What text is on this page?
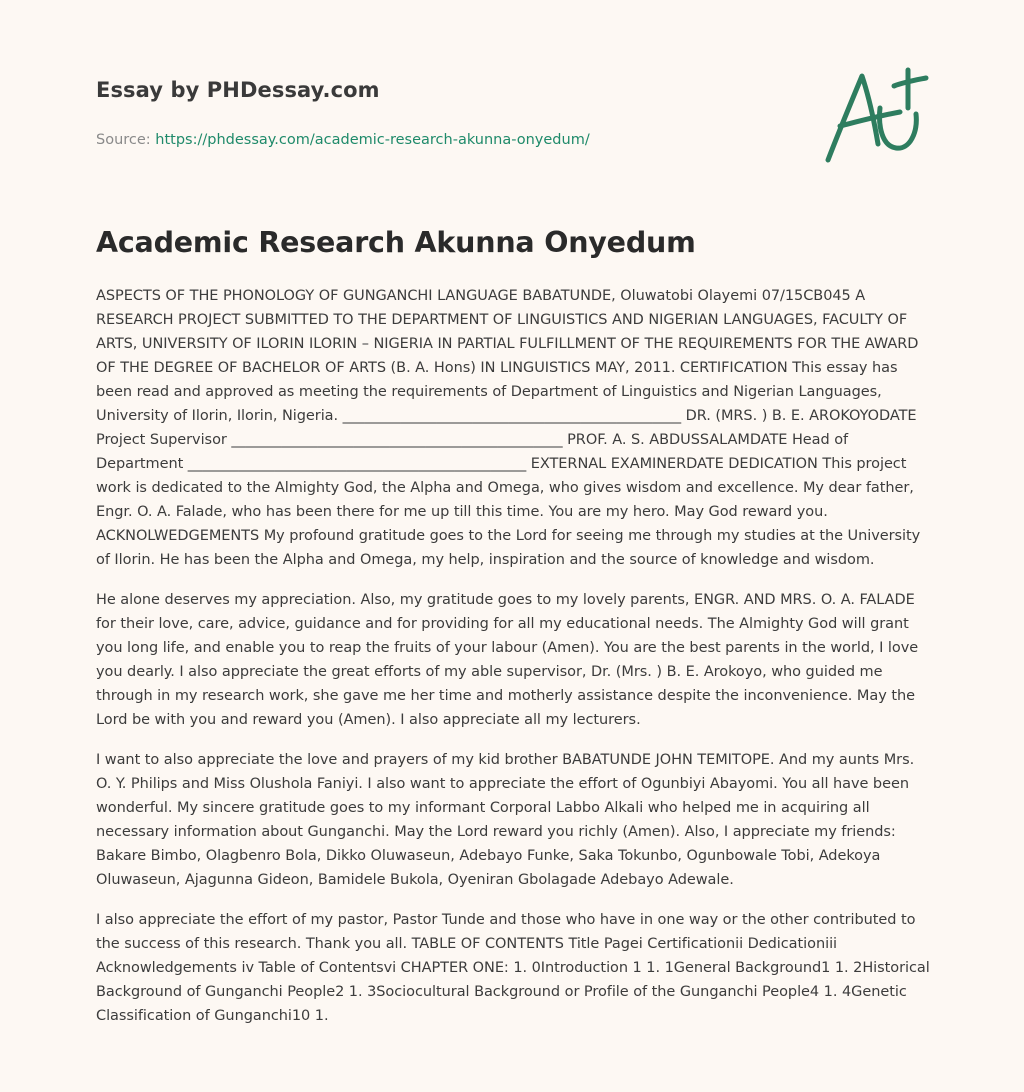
Essay by PHDessay.com
Source: https://phdessay.com/academic-research-akunna-onyedum/
Academic Research Akunna Onyedum

ASPECTS OF THE PHONOLOGY OF GUNGANCHI LANGUAGE BABATUNDE, Oluwatobi Olayemi 07/15CB045 A RESEARCH PROJECT SUBMITTED TO THE DEPARTMENT OF LINGUISTICS AND NIGERIAN LANGUAGES, FACULTY OF ARTS, UNIVERSITY OF ILORIN ILORIN – NIGERIA IN PARTIAL FULFILLMENT OF THE REQUIREMENTS FOR THE AWARD OF THE DEGREE OF BACHELOR OF ARTS (B. A. Hons) IN LINGUISTICS MAY, 2011. CERTIFICATION This essay has been read and approved as meeting the requirements of Department of Linguistics and Nigerian Languages, University of Ilorin, Ilorin, Nigeria. _______________________________________________ DR. (MRS. ) B. E. AROKOYODATE Project Supervisor ______________________________________________ PROF. A. S. ABDUSSALAMDATE Head of Department _______________________________________________ EXTERNAL EXAMINERDATE DEDICATION This project work is dedicated to the Almighty God, the Alpha and Omega, who gives wisdom and excellence. My dear father, Engr. O. A. Falade, who has been there for me up till this time. You are my hero. May God reward you. ACKNOLWEDGEMENTS My profound gratitude goes to the Lord for seeing me through my studies at the University of Ilorin. He has been the Alpha and Omega, my help, inspiration and the source of knowledge and wisdom.

He alone deserves my appreciation. Also, my gratitude goes to my lovely parents, ENGR. AND MRS. O. A. FALADE for their love, care, advice, guidance and for providing for all my educational needs. The Almighty God will grant you long life, and enable you to reap the fruits of your labour (Amen). You are the best parents in the world, I love you dearly. I also appreciate the great efforts of my able supervisor, Dr. (Mrs. ) B. E. Arokoyo, who guided me through in my research work, she gave me her time and motherly assistance despite the inconvenience. May the Lord be with you and reward you (Amen). I also appreciate all my lecturers.

I want to also appreciate the love and prayers of my kid brother BABATUNDE JOHN TEMITOPE. And my aunts Mrs. O. Y. Philips and Miss Olushola Faniyi. I also want to appreciate the effort of Ogunbiyi Abayomi. You all have been wonderful. My sincere gratitude goes to my informant Corporal Labbo Alkali who helped me in acquiring all necessary information about Gunganchi. May the Lord reward you richly (Amen). Also, I appreciate my friends: Bakare Bimbo, Olagbenro Bola, Dikko Oluwaseun, Adebayo Funke, Saka Tokunbo, Ogunbowale Tobi, Adekoya Oluwaseun, Ajagunna Gideon, Bamidele Bukola, Oyeniran Gbolagade Adebayo Adewale.

I also appreciate the effort of my pastor, Pastor Tunde and those who have in one way or the other contributed to the success of this research. Thank you all. TABLE OF CONTENTS Title Pagei Certificationii Dedicationiii Acknowledgements iv Table of Contentsvi CHAPTER ONE: 1. 0Introduction 1 1. 1General Background1 1. 2Historical Background of Gunganchi People2 1. 3Sociocultural Background or Profile of the Gunganchi People4 1. 4Genetic Classification of Gunganchi10 1.
